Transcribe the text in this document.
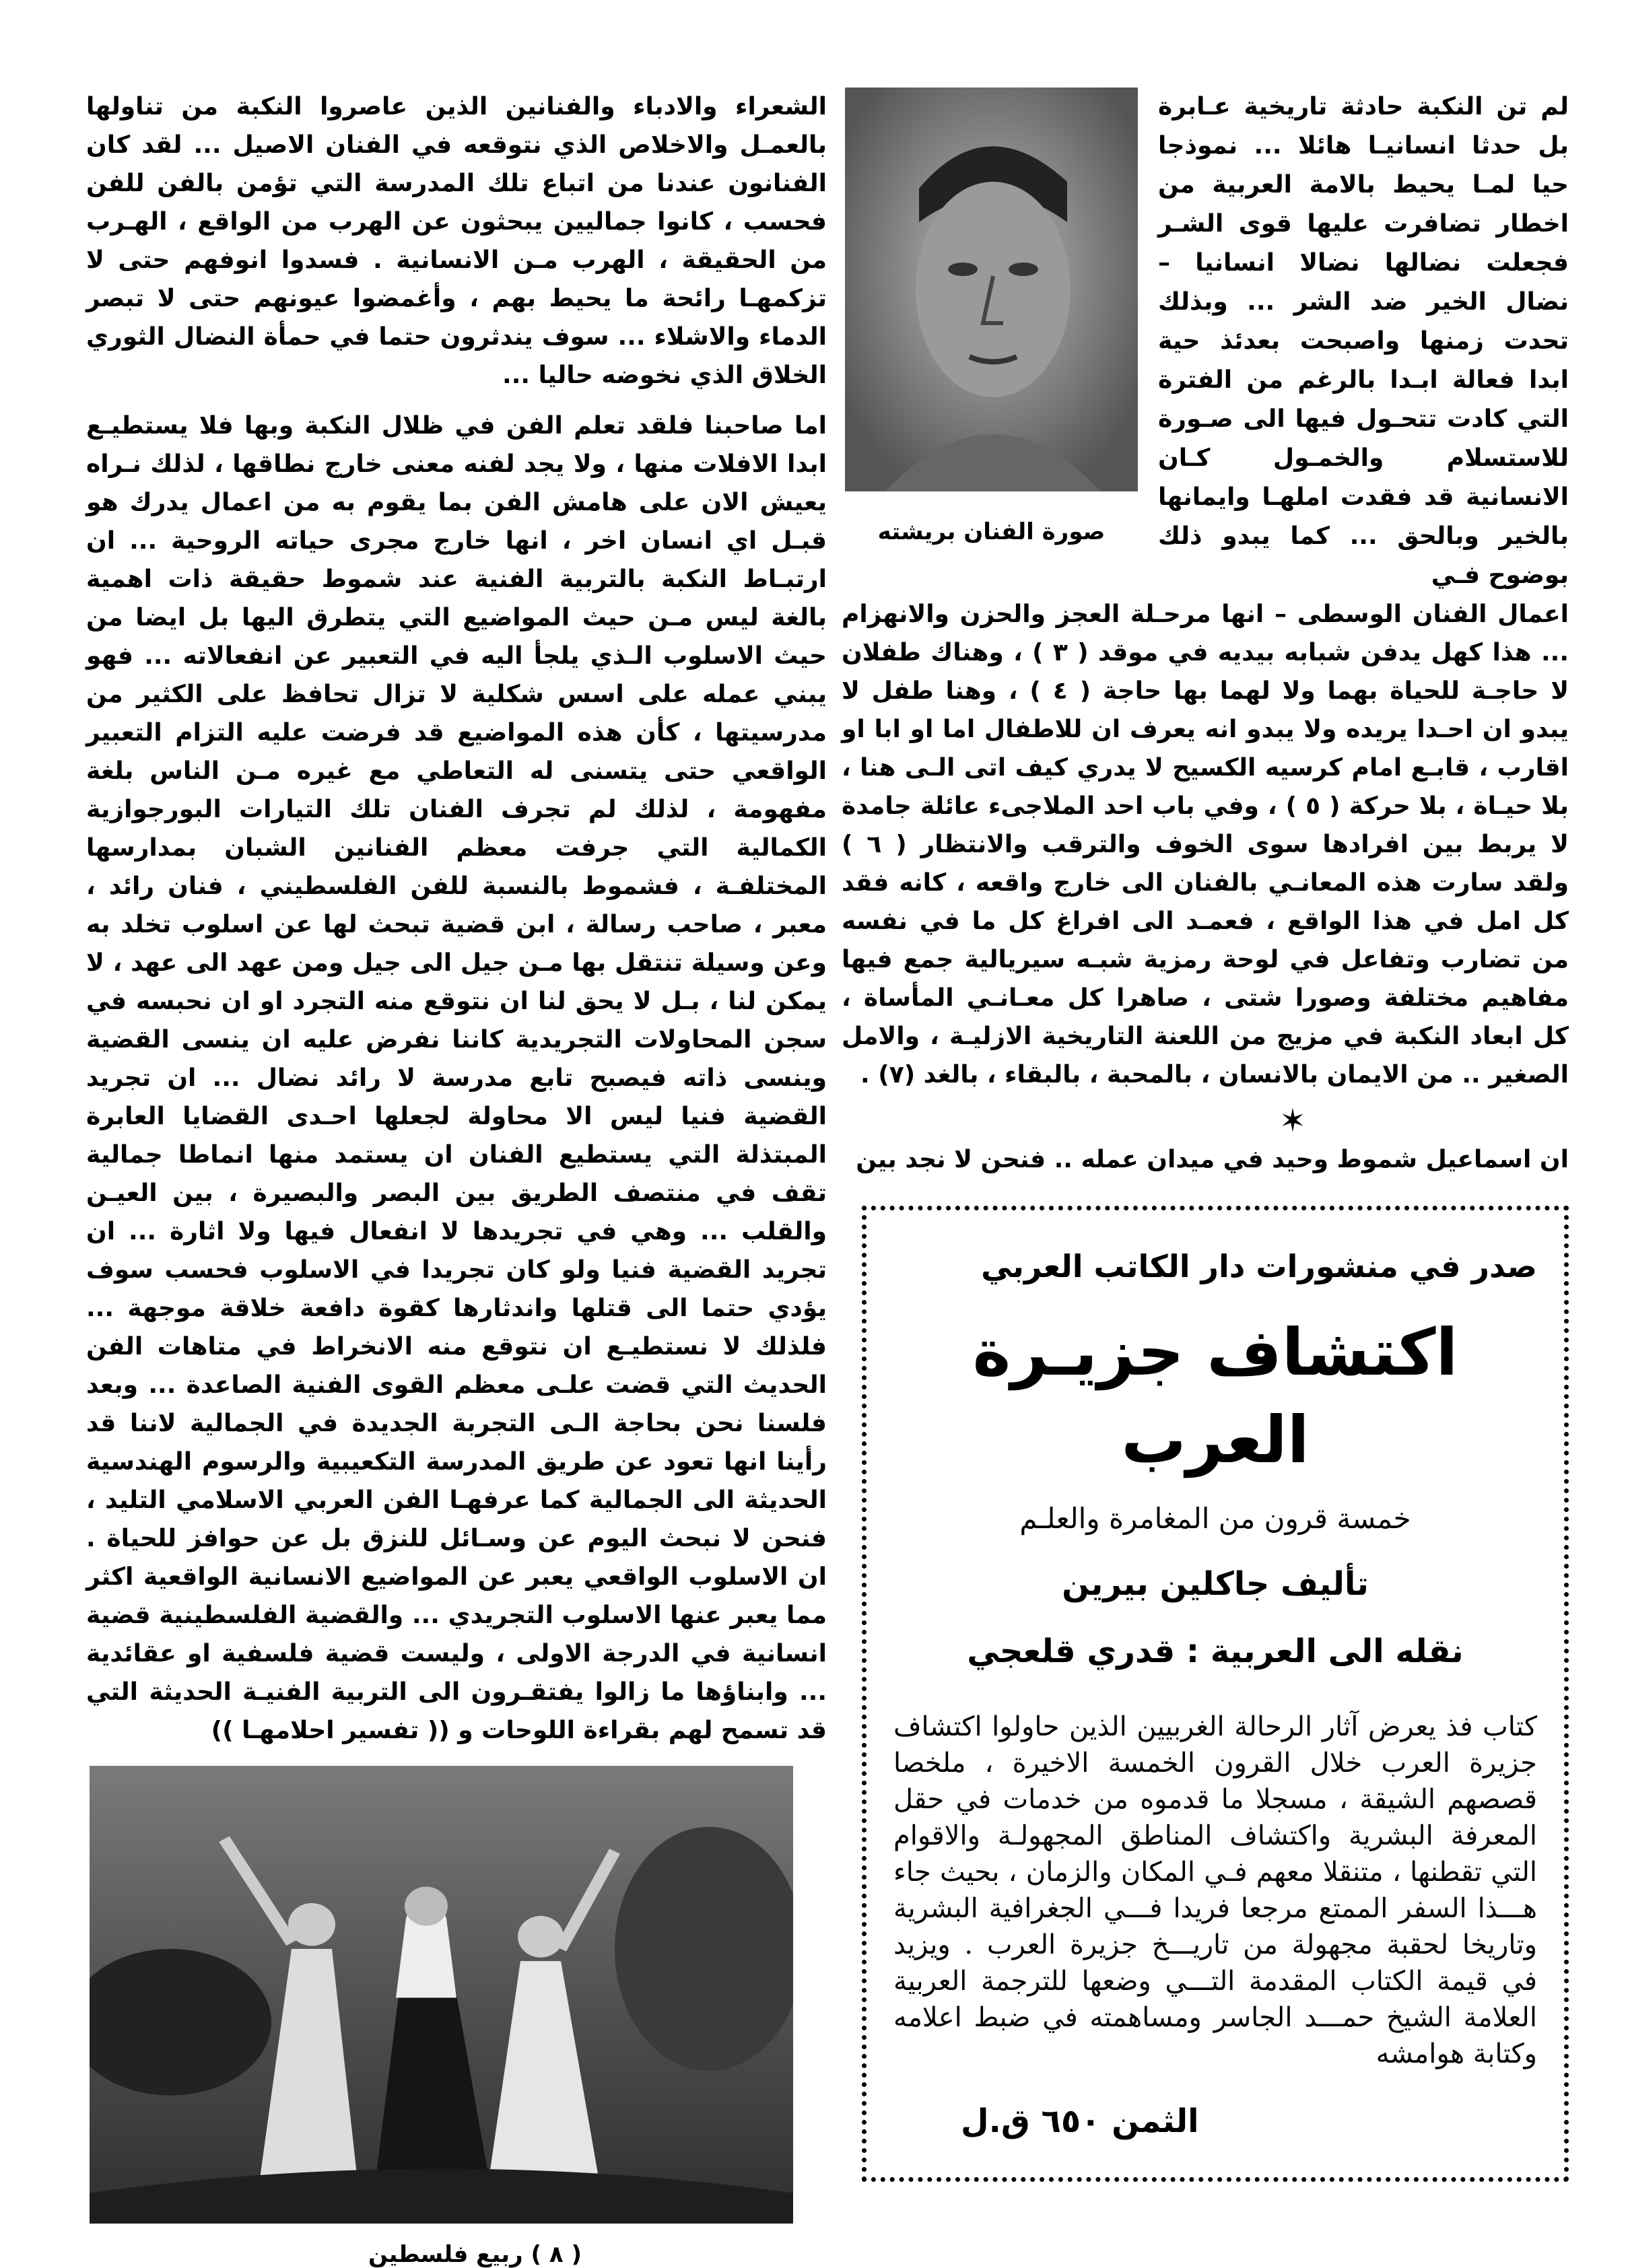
الشعراء والادباء والفنانين الذين عاصروا النكبة من تناولها بالعمـل والاخلاص الذي نتوقعه في الفنان الاصيل ... لقد كان الفنانون عندنا من اتباع تلك المدرسة التي تؤمن بالفن للفن فحسب ، كانوا جماليين يبحثون عن الهرب من الواقع ، الهـرب من الحقيقة ، الهرب مـن الانسانية . فسدوا انوفهم حتى لا تزكمهـا رائحة ما يحيط بهم ، وأغمضوا عيونهم حتى لا تبصر الدماء والاشلاء ... سوف يندثرون حتما في حمأة النضال الثوري الخلاق الذي نخوضه حاليا ...

اما صاحبنا فلقد تعلم الفن في ظلال النكبة وبها فلا يستطيـع ابدا الافلات منها ، ولا يجد لفنه معنى خارج نطاقها ، لذلك نـراه يعيش الان على هامش الفن بما يقوم به من اعمال يدرك هو قبـل اي انسان اخر ، انها خارج مجرى حياته الروحية ... ان ارتبـاط النكبة بالتربية الفنية عند شموط حقيقة ذات اهمية بالغة ليس مـن حيث المواضيع التي يتطرق اليها بل ايضا من حيث الاسلوب الـذي يلجأ اليه في التعبير عن انفعالاته ... فهو يبني عمله على اسس شكلية لا تزال تحافظ على الكثير من مدرسيتها ، كأن هذه المواضيع قد فرضت عليه التزام التعبير الواقعي حتى يتسنى له التعاطي مع غيره مـن الناس بلغة مفهومة ، لذلك لم تجرف الفنان تلك التيارات البورجوازية الكمالية التي جرفت معظم الفنانين الشبان بمدارسها المختلفـة ، فشموط بالنسبة للفن الفلسطيني ، فنان رائد ، معبر ، صاحب رسالة ، ابن قضية تبحث لها عن اسلوب تخلد به وعن وسيلة تنتقل بها مـن جيل الى جيل ومن عهد الى عهد ، لا يمكن لنا ، بـل لا يحق لنا ان نتوقع منه التجرد او ان نحبسه في سجن المحاولات التجريدية كاننا نفرض عليه ان ينسى القضية وينسى ذاته فيصبح تابع مدرسة لا رائد نضال ... ان تجريد القضية فنيا ليس الا محاولة لجعلها احـدى القضايا العابرة المبتذلة التي يستطيع الفنان ان يستمد منها انماطا جمالية تقف في منتصف الطريق بين البصر والبصيرة ، بين العيـن والقلب ... وهي في تجريدها لا انفعال فيها ولا اثارة ... ان تجريد القضية فنيا ولو كان تجريدا في الاسلوب فحسب سوف يؤدي حتما الى قتلها واندثارها كقوة دافعة خلاقة موجهة ... فلذلك لا نستطيـع ان نتوقع منه الانخراط في متاهات الفن الحديث التي قضت علـى معظم القوى الفنية الصاعدة ... وبعد فلسنا نحن بحاجة الـى التجربة الجديدة في الجمالية لاننا قد رأينا انها تعود عن طريق المدرسة التكعيبية والرسوم الهندسية الحديثة الى الجمالية كما عرفهـا الفن العربي الاسلامي التليد ، فنحن لا نبحث اليوم عن وسـائل للنزق بل عن حوافز للحياة . ان الاسلوب الواقعي يعبر عن المواضيع الانسانية الواقعية اكثر مما يعبر عنها الاسلوب التجريدي ... والقضية الفلسطينية قضية انسانية في الدرجة الاولى ، وليست قضية فلسفية او عقائدية ... وابناؤها ما زالوا يفتقـرون الى التربية الفنيـة الحديثة التي قد تسمح لهم بقراءة اللوحات و (( تفسير احلامهـا ))

( ٨ ) ربيع فلسطين
صورة الفنان بريشته
لم تن النكبة حادثة تاريخية عـابرة بل حدثا انسانيـا هائلا ... نموذجا حيا لمـا يحيط بالامة العربية من اخطار تضافرت عليها قوى الشـر فجعلت نضالها نضالا انسانيا – نضال الخير ضد الشر ... وبذلك تحدت زمنها واصبحت بعدئذ حية ابدا فعالة ابـدا بالرغم من الفترة التي كادت تتحـول فيها الى صـورة للاستسلام والخمـول كـان الانسانية قد فقدت املهـا وايمانها بالخير وبالحق ... كما يبدو ذلك بوضوح فـي
اعمال الفنان الوسطى – انها مرحـلة العجز والحزن والانهزام ... هذا كهل يدفن شبابه بيديه في موقد ( ٣ ) ، وهناك طفلان لا حاجـة للحياة بهما ولا لهما بها حاجة ( ٤ ) ، وهنا طفل لا يبدو ان احـدا يريده ولا يبدو انه يعرف ان للاطفال اما او ابا او اقارب ، قابـع امام كرسيه الكسيح لا يدري كيف اتى الـى هنا ، بلا حيـاة ، بلا حركة ( ٥ ) ، وفي باب احد الملاجىء عائلة جامدة لا يربط بين افرادها سوى الخوف والترقب والانتظار ( ٦ ) ولقد سارت هذه المعانـي بالفنان الى خارج واقعه ، كانه فقد كل امل في هذا الواقع ، فعمـد الى افراغ كل ما في نفسه من تضارب وتفاعل في لوحة رمزية شبـه سيريالية جمع فيها مفاهيم مختلفة وصورا شتى ، صاهرا كل معـانـي المأساة ، كل ابعاد النكبة في مزيج من اللعنة التاريخية الازليـة ، والامل الصغير .. من الايمان بالانسان ، بالمحبة ، بالبقاء ، بالغد (٧) .
✶
ان اسماعيل شموط وحيد في ميدان عمله .. فنحن لا نجد بين
صدر في منشورات دار الكاتب العربي
اكتشاف جزيـرة العرب
خمسة قرون من المغامرة والعلـم
تأليف جاكلين بيرين
نقله الى العربية : قدري قلعجي
كتاب فذ يعرض آثار الرحالة الغربيين الذين حاولوا اكتشاف جزيرة العرب خلال القرون الخمسة الاخيرة ، ملخصا قصصهم الشيقة ، مسجلا ما قدموه من خدمات في حقل المعرفة البشرية واكتشاف المناطق المجهولـة والاقوام التي تقطنها ، متنقلا معهم فـي المكان والزمان ، بحيث جاء هـــذا السفر الممتع مرجعا فريدا فـــي الجغرافية البشرية وتاريخا لحقبة مجهولة من تاريـــخ جزيرة العرب . ويزيد في قيمة الكتاب المقدمة التـــي وضعها للترجمة العربية العلامة الشيخ حمـــد الجاسر ومساهمته في ضبط اعلامه وكتابة هوامشه
الثمن ٦٥٠ ق.ل
